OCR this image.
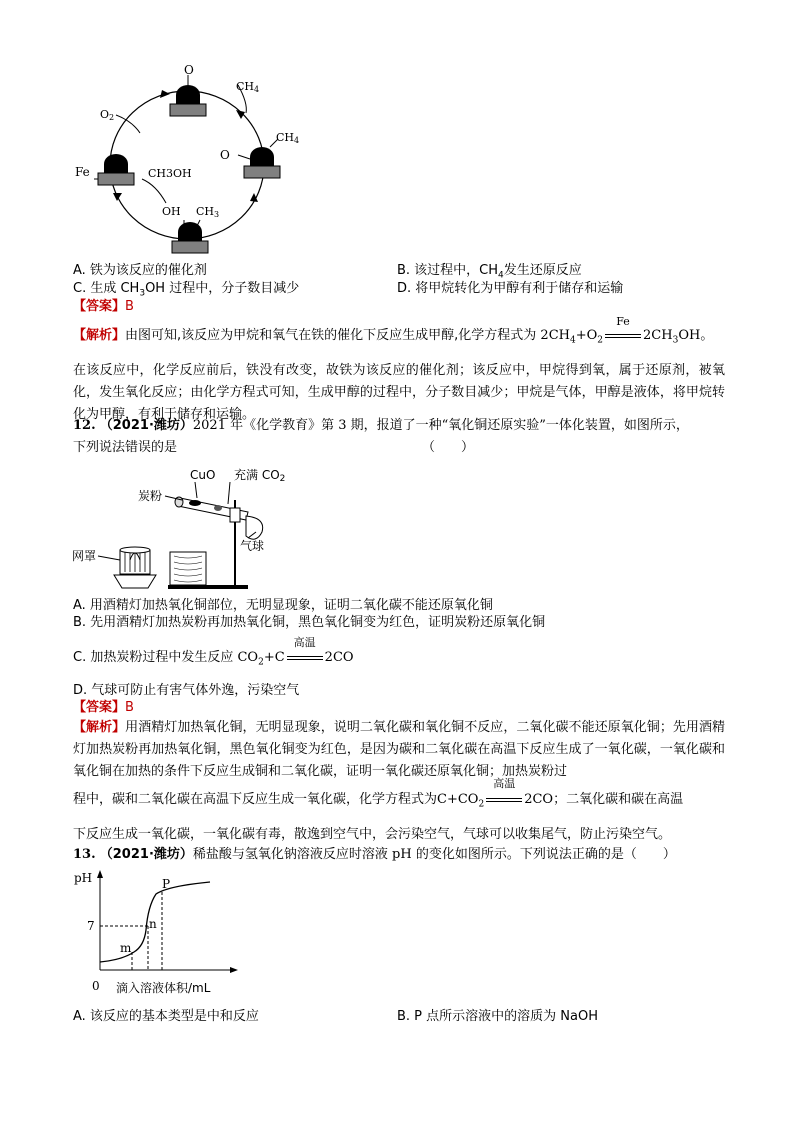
O
CH4
O2
CH4
O
Fe	CH3OH
OH CH3
A. 铁为该反应的催化剂	B. 该过程中，$CH_4$发生还原反应
C. 生成 $CH_3OH$ 过程中，分子数目减少	D. 将甲烷转化为甲醇有利于储存和运输
【答案】B
【解析】由图可知,该反应为甲烷和氧气在铁的催化下反应生成甲醇,化学方程式为 $2CH_4+O_2$
Fe
$2CH_3OH$。
在该反应中，化学反应前后，铁没有改变，故铁为该反应的催化剂；该反应中，甲烷得到氧，属于还原剂，被氧化，发生氧化反应；由化学方程式可知，生成甲醇的过程中，分子数目减少；甲烷是气体，甲醇是液体，将甲烷转化为甲醇，有利于储存和运输。
12. （2021·潍坊）2021 年《化学教育》第 3 期，报道了一种“氧化铜还原实验”一体化装置，如图所示，
下列说法错误的是	（　　）
CuO 充满 CO2
炭粉
气球
网罩
A. 用酒精灯加热氧化铜部位，无明显现象，证明二氧化碳不能还原氧化铜
B. 先用酒精灯加热炭粉再加热氧化铜，黑色氧化铜变为红色，证明炭粉还原氧化铜
C. 加热炭粉过程中发生反应 $CO_2+C$
高温
2CO
D. 气球可防止有害气体外逸，污染空气
【答案】B
【解析】用酒精灯加热氧化铜，无明显现象，说明二氧化碳和氧化铜不反应，二氧化碳不能还原氧化铜；先用酒精灯加热炭粉再加热氧化铜，黑色氧化铜变为红色，是因为碳和二氧化碳在高温下反应生成了一氧化碳，一氧化碳和氧化铜在加热的条件下反应生成铜和二氧化碳，证明一氧化碳还原氧化铜；加热炭粉过
程中，碳和二氧化碳在高温下反应生成一氧化碳，化学方程式为$C+CO_2$
高温
2CO；二氧化碳和碳在高温
下反应生成一氧化碳，一氧化碳有毒，散逸到空气中，会污染空气，气球可以收集尾气，防止污染空气。
13. （2021·潍坊）稀盐酸与氢氧化钠溶液反应时溶液 pH 的变化如图所示。下列说法正确的是（　　）
pH
7
0
m
n
P
滴入溶液体积/mL
A. 该反应的基本类型是中和反应	B. P 点所示溶液中的溶质为 NaOH
